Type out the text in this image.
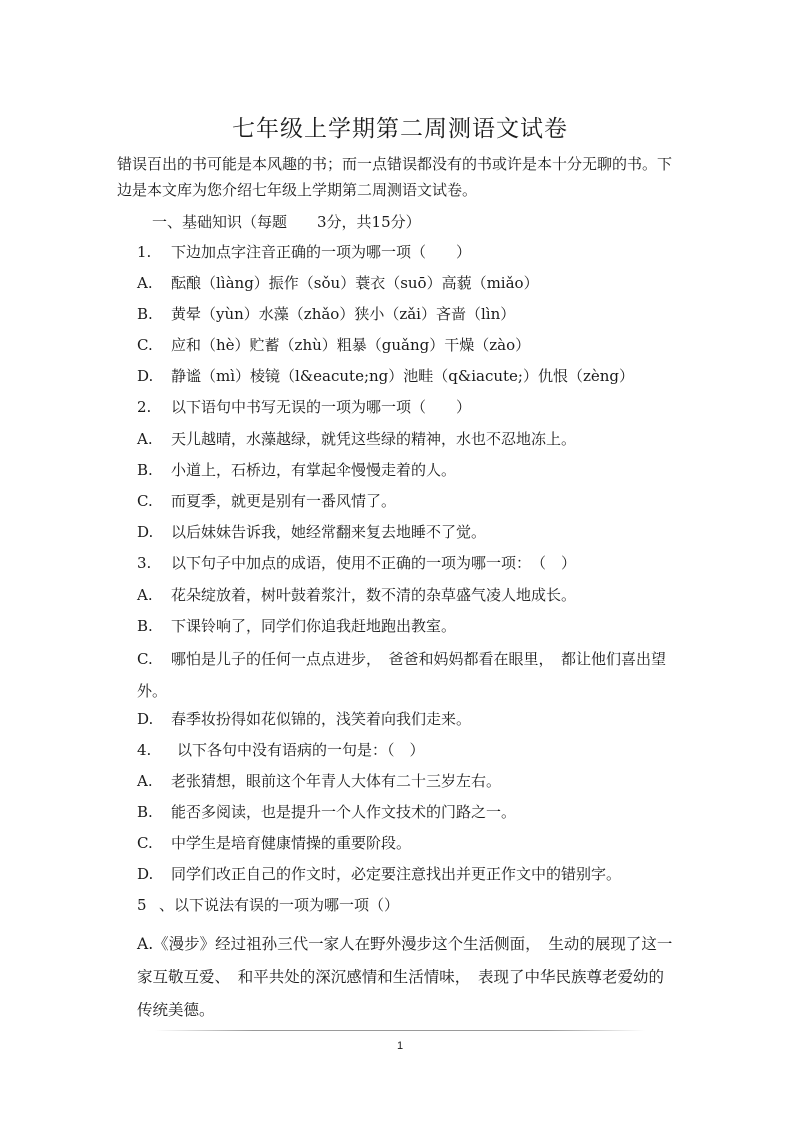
七年级上学期第二周测语文试卷
错误百出的书可能是本风趣的书；而一点错误都没有的书或许是本十分无聊的书。下边是本文库为您介绍七年级上学期第二周测语文试卷。
一、基础知识（每题　　3分，共15分）
1. 下边加点字注音正确的一项为哪一项（　　）
A. 酝酿（lìàng）振作（sǒu）蓑衣（suō）高藐（miǎo）
B. 黄晕（yùn）水藻（zhǎo）狭小（zǎi）吝啬（lìn）
C. 应和（hè）贮蓄（zhù）粗暴（guǎng）干燥（zào）
D. 静谧（mì）棱镜（l&eacute;ng）池畦（q&iacute;）仇恨（zèng）
2. 以下语句中书写无误的一项为哪一项（　　）
A. 天儿越晴，水藻越绿，就凭这些绿的精神，水也不忍地冻上。
B. 小道上，石桥边，有掌起伞慢慢走着的人。
C. 而夏季，就更是别有一番风情了。
D. 以后妹妹告诉我，她经常翻来复去地睡不了觉。
3. 以下句子中加点的成语，使用不正确的一项为哪一项：　（　）
A. 花朵绽放着，树叶鼓着浆汁，数不清的杂草盛气凌人地成长。
B. 下课铃响了，同学们你追我赶地跑出教室。
C. 哪怕是儿子的任何一点点进步，　爸爸和妈妈都看在眼里，　都让他们喜出望外。
D. 春季妆扮得如花似锦的，浅笑着向我们走来。
4. 以下各句中没有语病的一句是：（　）
A. 老张猜想，眼前这个年青人大体有二十三岁左右。
B. 能否多阅读，也是提升一个人作文技术的门路之一。
C. 中学生是培育健康情操的重要阶段。
D. 同学们改正自己的作文时，必定要注意找出并更正作文中的错别字。
5 、以下说法有误的一项为哪一项（）
A.《漫步》经过祖孙三代一家人在野外漫步这个生活侧面，　生动的展现了这一家互敬互爱、　和平共处的深沉感情和生活情味，　表现了中华民族尊老爱幼的传统美德。
1
